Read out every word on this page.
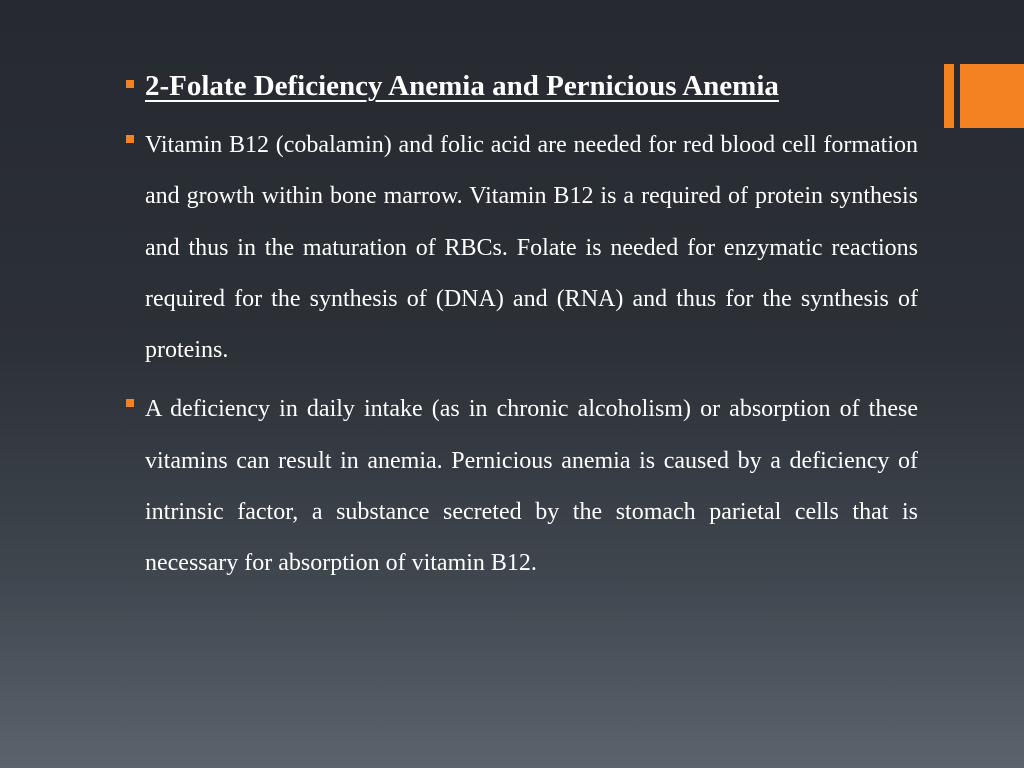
2-Folate Deficiency Anemia and Pernicious Anemia
Vitamin B12 (cobalamin) and folic acid are needed for red blood cell formation and growth within bone marrow. Vitamin B12 is a required of protein synthesis and thus in the maturation of RBCs. Folate is needed for enzymatic reactions required for the synthesis of (DNA) and (RNA) and thus for the synthesis of proteins.
A deficiency in daily intake (as in chronic alcoholism) or absorption of these vitamins can result in anemia. Pernicious anemia is caused by a deficiency of intrinsic factor, a substance secreted by the stomach parietal cells that is necessary for absorption of vitamin B12.
